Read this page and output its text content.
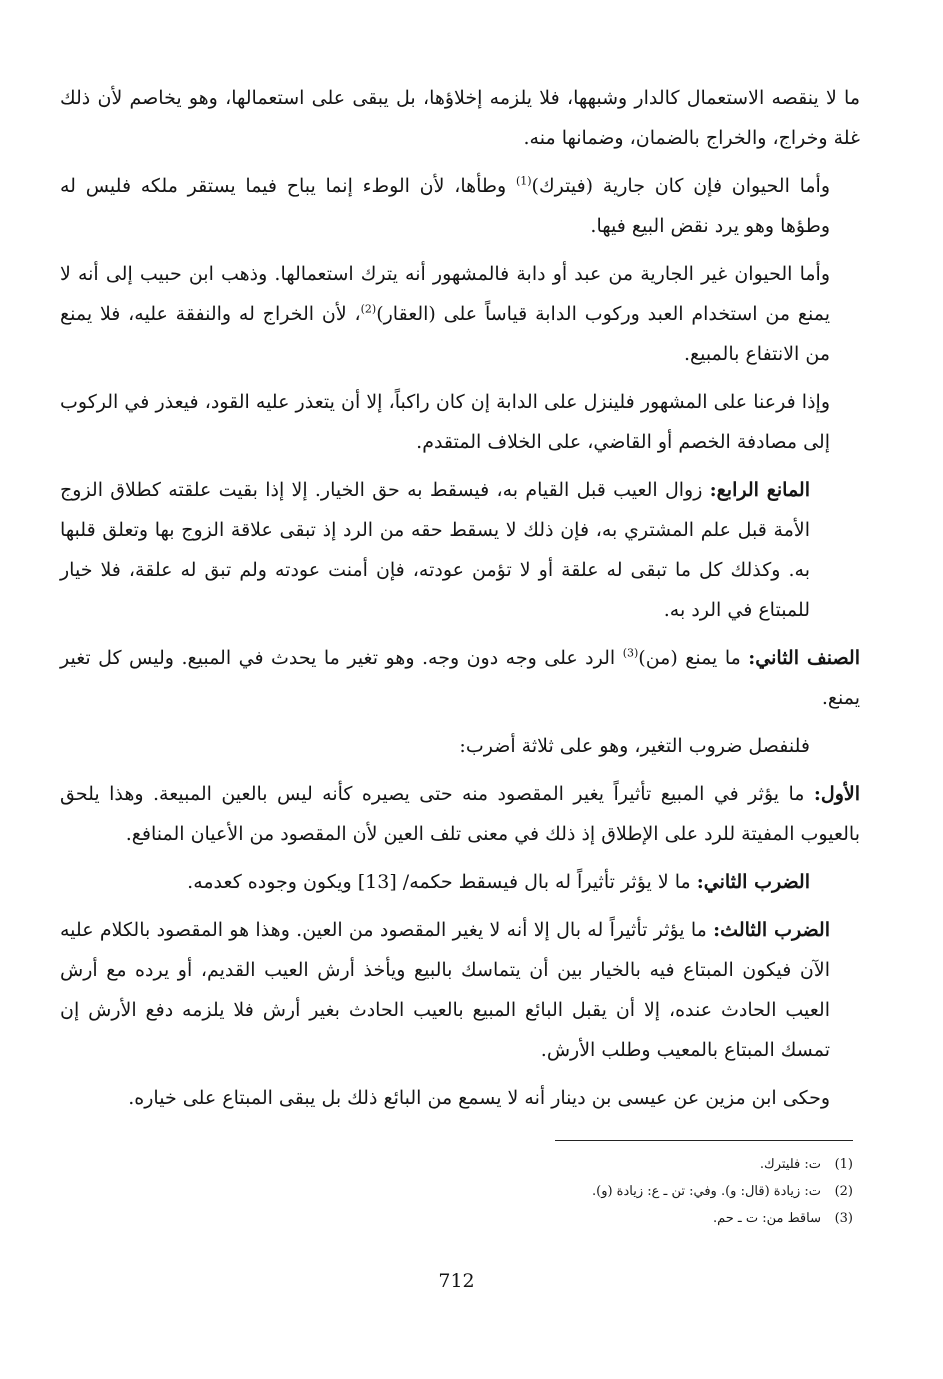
ما لا ينقصه الاستعمال كالدار وشبهها، فلا يلزمه إخلاؤها، بل يبقى على استعمالها، وهو يخاصم لأن ذلك غلة وخراج، والخراج بالضمان، وضمانها منه.

وأما الحيوان فإن كان جارية (فيترك)$^{(1)}$ وطأها، لأن الوطء إنما يباح فيما يستقر ملكه فليس له وطؤها وهو يرد نقض البيع فيها.

وأما الحيوان غير الجارية من عبد أو دابة فالمشهور أنه يترك استعمالها. وذهب ابن حبيب إلى أنه لا يمنع من استخدام العبد وركوب الدابة قياساً على (العقار)$^{(2)}$، لأن الخراج له والنفقة عليه، فلا يمنع من الانتفاع بالمبيع.

وإذا فرعنا على المشهور فلينزل على الدابة إن كان راكباً، إلا أن يتعذر عليه القود، فيعذر في الركوب إلى مصادفة الخصم أو القاضي، على الخلاف المتقدم.

المانع الرابع: زوال العيب قبل القيام به، فيسقط به حق الخيار. إلا إذا بقيت علقته كطلاق الزوج الأمة قبل علم المشتري به، فإن ذلك لا يسقط حقه من الرد إذ تبقى علاقة الزوج بها وتعلق قلبها به. وكذلك كل ما تبقى له علقة أو لا تؤمن عودته، فإن أمنت عودته ولم تبق له علقة، فلا خيار للمبتاع في الرد به.

الصنف الثاني: ما يمنع (من)$^{(3)}$ الرد على وجه دون وجه. وهو تغير ما يحدث في المبيع. وليس كل تغير يمنع.

فلنفصل ضروب التغير، وهو على ثلاثة أضرب:

الأول: ما يؤثر في المبيع تأثيراً يغير المقصود منه حتى يصيره كأنه ليس بالعين المبيعة. وهذا يلحق بالعيوب المفيتة للرد على الإطلاق إذ ذلك في معنى تلف العين لأن المقصود من الأعيان المنافع.

الضرب الثاني: ما لا يؤثر تأثيراً له بال فيسقط حكمه/ [13] ويكون وجوده كعدمه.

الضرب الثالث: ما يؤثر تأثيراً له بال إلا أنه لا يغير المقصود من العين. وهذا هو المقصود بالكلام عليه الآن فيكون المبتاع فيه بالخيار بين أن يتماسك بالبيع ويأخذ أرش العيب القديم، أو يرده مع أرش العيب الحادث عنده، إلا أن يقبل البائع المبيع بالعيب الحادث بغير أرش فلا يلزمه دفع الأرش إن تمسك المبتاع بالمعيب وطلب الأرش.

وحكى ابن مزين عن عيسى بن دينار أنه لا يسمع من البائع ذلك بل يبقى المبتاع على خياره.

(1)ت: فليترك.
(2)ت: زيادة (قال: و). وفي: تن ـ ع: زيادة (و).
(3)ساقط من: ت ـ حم.
712
